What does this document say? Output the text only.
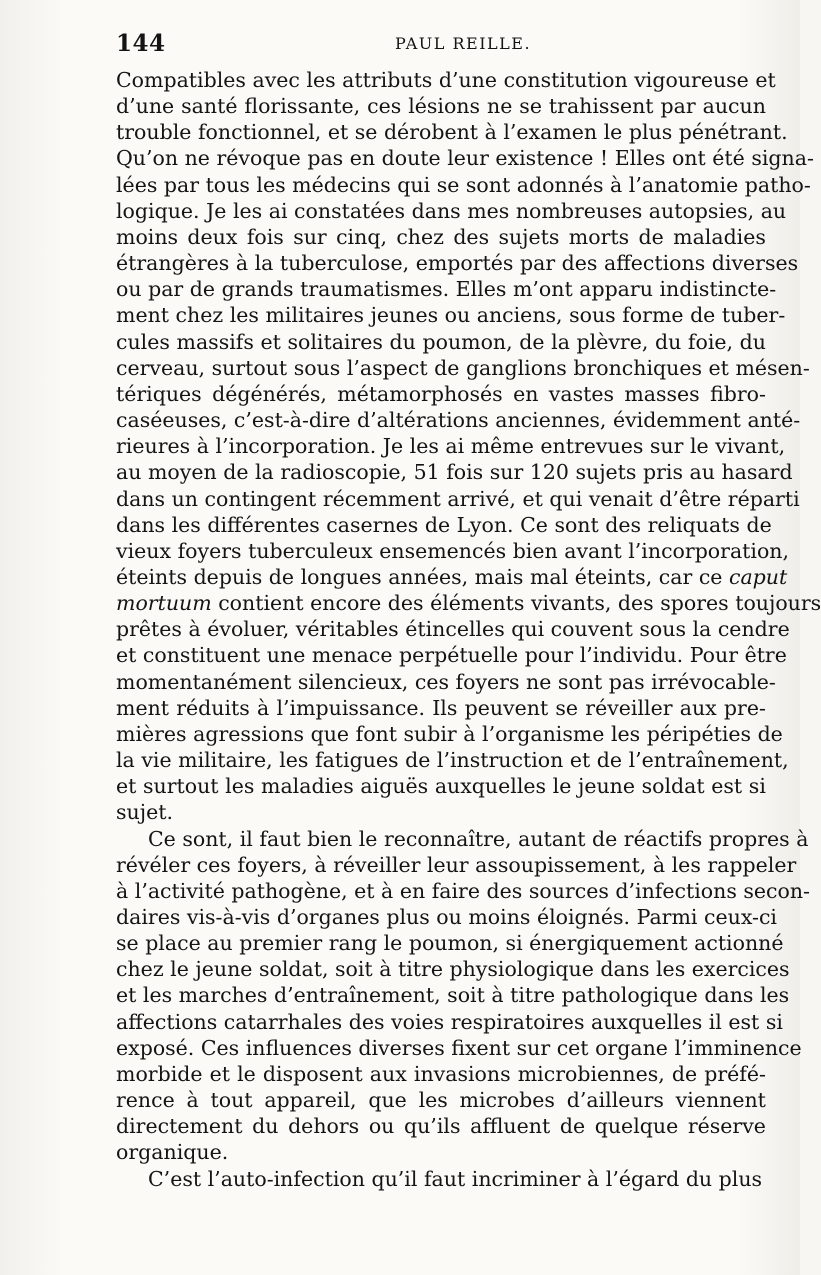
144	PAUL REILLE.

Compatibles avec les attributs d’une constitution vigoureuse et
d’une santé florissante, ces lésions ne se trahissent par aucun
trouble fonctionnel, et se dérobent à l’examen le plus pénétrant.
Qu’on ne révoque pas en doute leur existence ! Elles ont été signa-
lées par tous les médecins qui se sont adonnés à l’anatomie patho-
logique. Je les ai constatées dans mes nombreuses autopsies, au
moins deux fois sur cinq, chez des sujets morts de maladies
étrangères à la tuberculose, emportés par des affections diverses
ou par de grands traumatismes. Elles m’ont apparu indistincte-
ment chez les militaires jeunes ou anciens, sous forme de tuber-
cules massifs et solitaires du poumon, de la plèvre, du foie, du
cerveau, surtout sous l’aspect de ganglions bronchiques et mésen-
tériques dégénérés, métamorphosés en vastes masses fibro-
caséeuses, c’est-à-dire d’altérations anciennes, évidemment anté-
rieures à l’incorporation. Je les ai même entrevues sur le vivant,
au moyen de la radioscopie, 51 fois sur 120 sujets pris au hasard
dans un contingent récemment arrivé, et qui venait d’être réparti
dans les différentes casernes de Lyon. Ce sont des reliquats de
vieux foyers tuberculeux ensemencés bien avant l’incorporation,
éteints depuis de longues années, mais mal éteints, car ce caput
mortuum contient encore des éléments vivants, des spores toujours
prêtes à évoluer, véritables étincelles qui couvent sous la cendre
et constituent une menace perpétuelle pour l’individu. Pour être
momentanément silencieux, ces foyers ne sont pas irrévocable-
ment réduits à l’impuissance. Ils peuvent se réveiller aux pre-
mières agressions que font subir à l’organisme les péripéties de
la vie militaire, les fatigues de l’instruction et de l’entraînement,
et surtout les maladies aiguës auxquelles le jeune soldat est si
sujet.

Ce sont, il faut bien le reconnaître, autant de réactifs propres à
révéler ces foyers, à réveiller leur assoupissement, à les rappeler
à l’activité pathogène, et à en faire des sources d’infections secon-
daires vis-à-vis d’organes plus ou moins éloignés. Parmi ceux-ci
se place au premier rang le poumon, si énergiquement actionné
chez le jeune soldat, soit à titre physiologique dans les exercices
et les marches d’entraînement, soit à titre pathologique dans les
affections catarrhales des voies respiratoires auxquelles il est si
exposé. Ces influences diverses fixent sur cet organe l’imminence
morbide et le disposent aux invasions microbiennes, de préfé-
rence à tout appareil, que les microbes d’ailleurs viennent
directement du dehors ou qu’ils affluent de quelque réserve
organique.

C’est l’auto-infection qu’il faut incriminer à l’égard du plus
